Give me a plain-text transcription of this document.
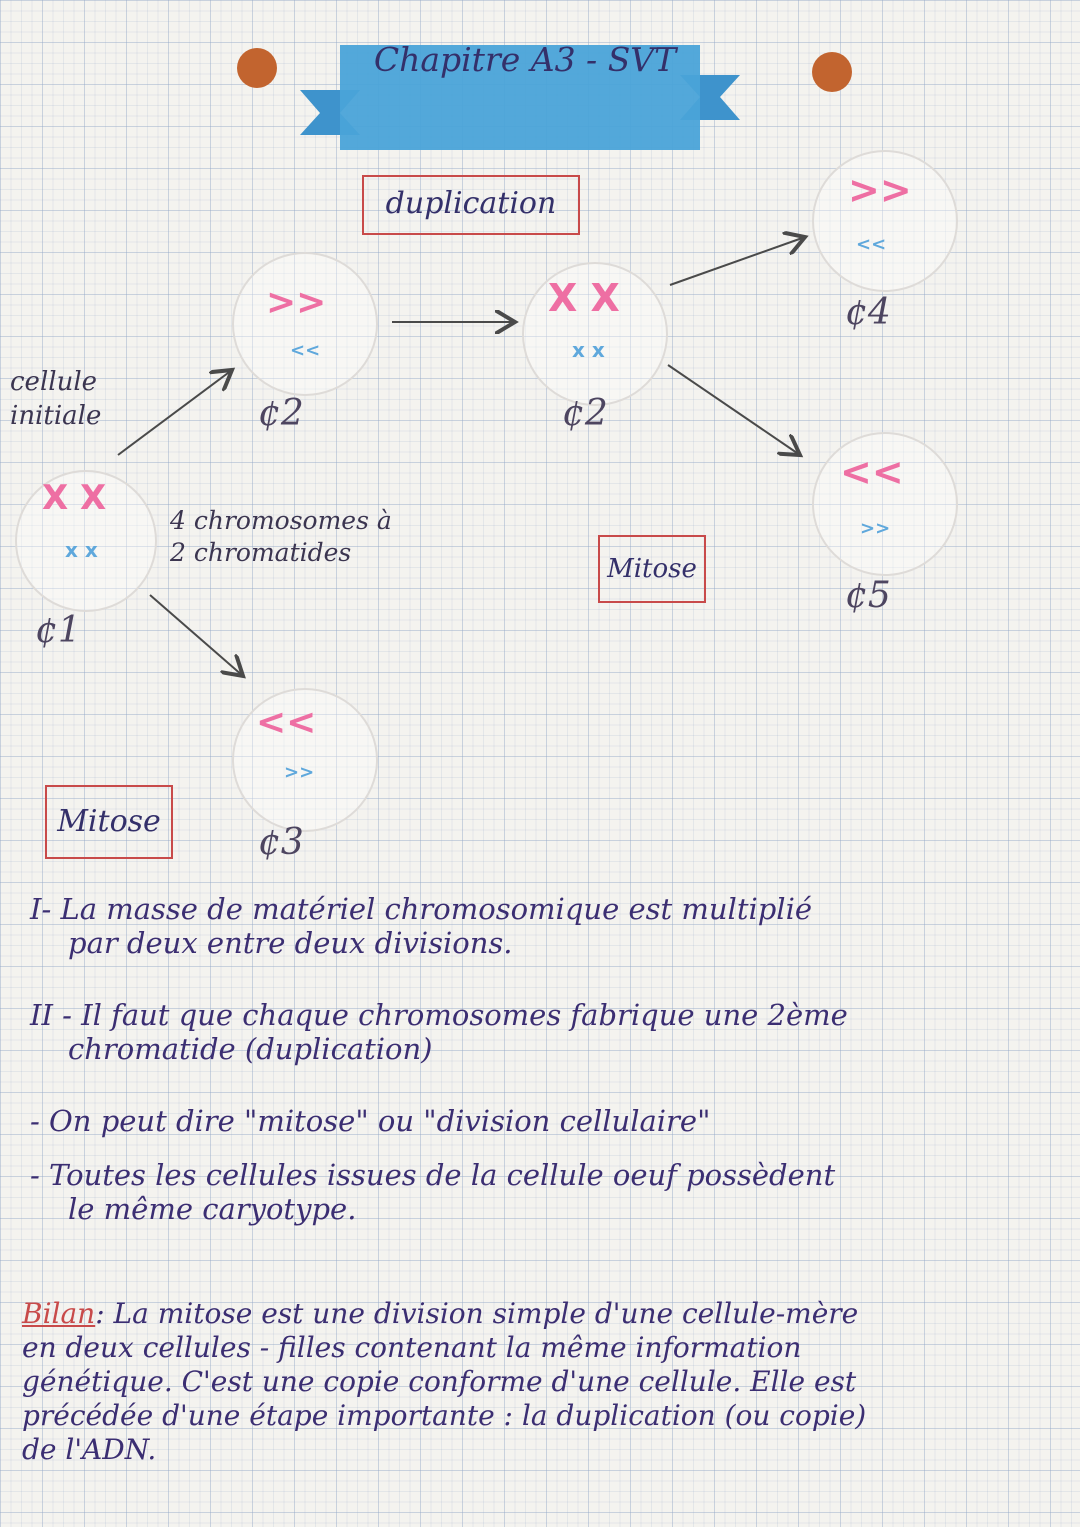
Chapitre A3 - SVT
duplication
Mitose
Mitose
cellule
initiale
4 chromosomes à
2 chromatides
X X
x x
¢1
>>
<<
¢2
<<
>>
¢3
X X
x x
¢2
>>
<<
¢4
<<
>>
¢5

I- La masse de matériel chromosomique est multiplié

par deux entre deux divisions.

II - Il faut que chaque chromosomes fabrique une 2ème

chromatide (duplication)

- On peut dire "mitose" ou "division cellulaire"

- Toutes les cellules issues de la cellule oeuf possèdent

le même caryotype.

Bilan: La mitose est une division simple d'une cellule-mère

en deux cellules - filles contenant la même information

génétique. C'est une copie conforme d'une cellule. Elle est

précédée d'une étape importante : la duplication (ou copie)

de l'ADN.
